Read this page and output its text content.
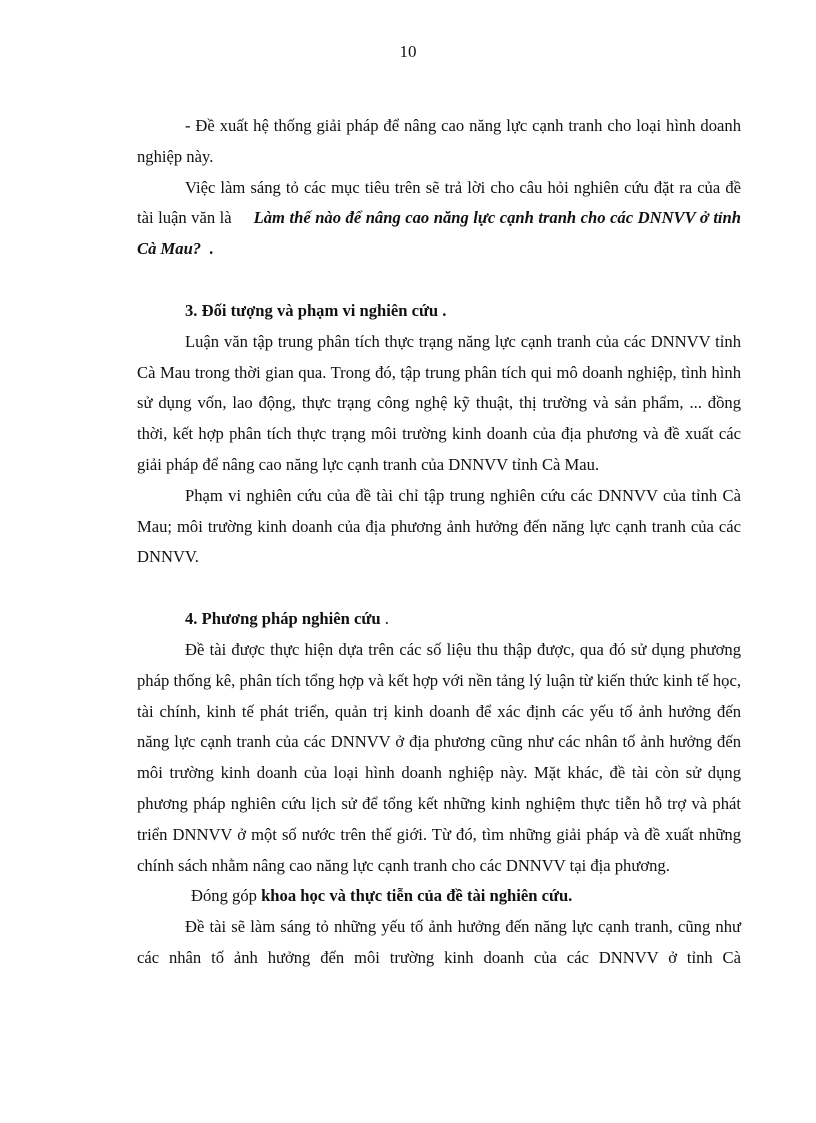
10

- Đề xuất hệ thống giải pháp để nâng cao năng lực cạnh tranh cho loại hình doanh nghiệp này.

Việc làm sáng tỏ các mục tiêu trên sẽ trả lời cho câu hỏi nghiên cứu đặt ra của đề tài luận văn là Làm thế nào để nâng cao năng lực cạnh tranh cho các DNNVV ở tỉnh Cà Mau? .

3. Đối tượng và phạm vi nghiên cứu .

Luận văn tập trung phân tích thực trạng năng lực cạnh tranh của các DNNVV tỉnh Cà Mau trong thời gian qua. Trong đó, tập trung phân tích qui mô doanh nghiệp, tình hình sử dụng vốn, lao động, thực trạng công nghệ kỹ thuật, thị trường và sản phẩm, ... đồng thời, kết hợp phân tích thực trạng môi trường kinh doanh của địa phương và đề xuất các giải pháp để nâng cao năng lực cạnh tranh của DNNVV tỉnh Cà Mau.

Phạm vi nghiên cứu của đề tài chỉ tập trung nghiên cứu các DNNVV của tỉnh Cà Mau; môi trường kinh doanh của địa phương ảnh hưởng đến năng lực cạnh tranh của các DNNVV.

4. Phương pháp nghiên cứu .

Đề tài được thực hiện dựa trên các số liệu thu thập được, qua đó sử dụng phương pháp thống kê, phân tích tổng hợp và kết hợp với nền tảng lý luận từ kiến thức kinh tế học, tài chính, kinh tế phát triển, quản trị kinh doanh để xác định các yếu tố ảnh hưởng đến năng lực cạnh tranh của các DNNVV ở địa phương cũng như các nhân tố ảnh hưởng đến môi trường kinh doanh của loại hình doanh nghiệp này. Mặt khác, đề tài còn sử dụng phương pháp nghiên cứu lịch sử để tổng kết những kinh nghiệm thực tiễn hỗ trợ và phát triển DNNVV ở một số nước trên thế giới. Từ đó, tìm những giải pháp và đề xuất những chính sách nhằm nâng cao năng lực cạnh tranh cho các DNNVV tại địa phương.

Đóng góp khoa học và thực tiễn của đề tài nghiên cứu.

Đề tài sẽ làm sáng tỏ những yếu tố ảnh hưởng đến năng lực cạnh tranh, cũng như các nhân tố ảnh hưởng đến môi trường kinh doanh của các DNNVV ở tỉnh Cà
